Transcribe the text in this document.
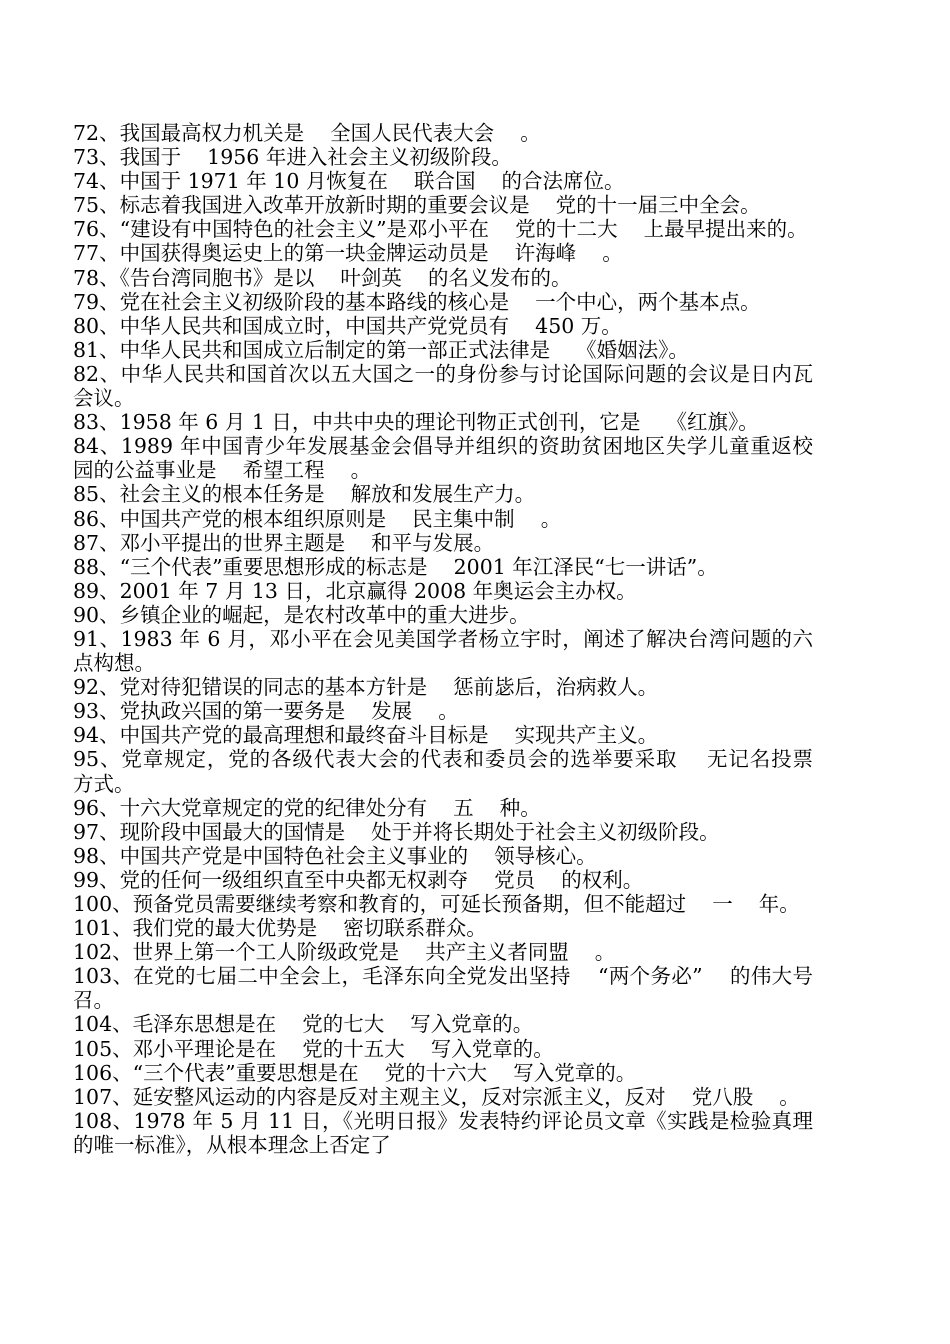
72、我国最高权力机关是    全国人民代表大会    。

73、我国于    1956 年进入社会主义初级阶段。

74、中国于 1971 年 10 月恢复在    联合国    的合法席位。

75、标志着我国进入改革开放新时期的重要会议是    党的十一届三中全会。

76、“建设有中国特色的社会主义”是邓小平在    党的十二大    上最早提出来的。

77、中国获得奥运史上的第一块金牌运动员是    许海峰    。

78、《告台湾同胞书》是以    叶剑英    的名义发布的。

79、党在社会主义初级阶段的基本路线的核心是    一个中心，两个基本点。

80、中华人民共和国成立时，中国共产党党员有    450 万。

81、中华人民共和国成立后制定的第一部正式法律是    《婚姻法》。

82、中华人民共和国首次以五大国之一的身份参与讨论国际问题的会议是日内瓦会议。

83、1958 年 6 月 1 日，中共中央的理论刊物正式创刊，它是    《红旗》。

84、1989 年中国青少年发展基金会倡导并组织的资助贫困地区失学儿童重返校园的公益事业是    希望工程    。

85、社会主义的根本任务是    解放和发展生产力。

86、中国共产党的根本组织原则是    民主集中制    。

87、邓小平提出的世界主题是    和平与发展。

88、“三个代表”重要思想形成的标志是    2001 年江泽民“七一讲话”。

89、2001 年 7 月 13 日，北京赢得 2008 年奥运会主办权。

90、乡镇企业的崛起，是农村改革中的重大进步。

91、1983 年 6 月，邓小平在会见美国学者杨立宇时，阐述了解决台湾问题的六点构想。

92、党对待犯错误的同志的基本方针是    惩前毖后，治病救人。

93、党执政兴国的第一要务是    发展    。

94、中国共产党的最高理想和最终奋斗目标是    实现共产主义。

95、党章规定，党的各级代表大会的代表和委员会的选举要采取    无记名投票    方式。

96、十六大党章规定的党的纪律处分有    五    种。

97、现阶段中国最大的国情是    处于并将长期处于社会主义初级阶段。

98、中国共产党是中国特色社会主义事业的    领导核心。

99、党的任何一级组织直至中央都无权剥夺    党员    的权利。

100、预备党员需要继续考察和教育的，可延长预备期，但不能超过    一    年。

101、我们党的最大优势是    密切联系群众。

102、世界上第一个工人阶级政党是    共产主义者同盟    。

103、在党的七届二中全会上，毛泽东向全党发出坚持    “两个务必”    的伟大号召。

104、毛泽东思想是在    党的七大    写入党章的。

105、邓小平理论是在    党的十五大    写入党章的。

106、“三个代表”重要思想是在    党的十六大    写入党章的。

107、延安整风运动的内容是反对主观主义，反对宗派主义，反对    党八股    。

108、1978 年 5 月 11 日，《光明日报》发表特约评论员文章《实践是检验真理的唯一标准》，从根本理念上否定了
